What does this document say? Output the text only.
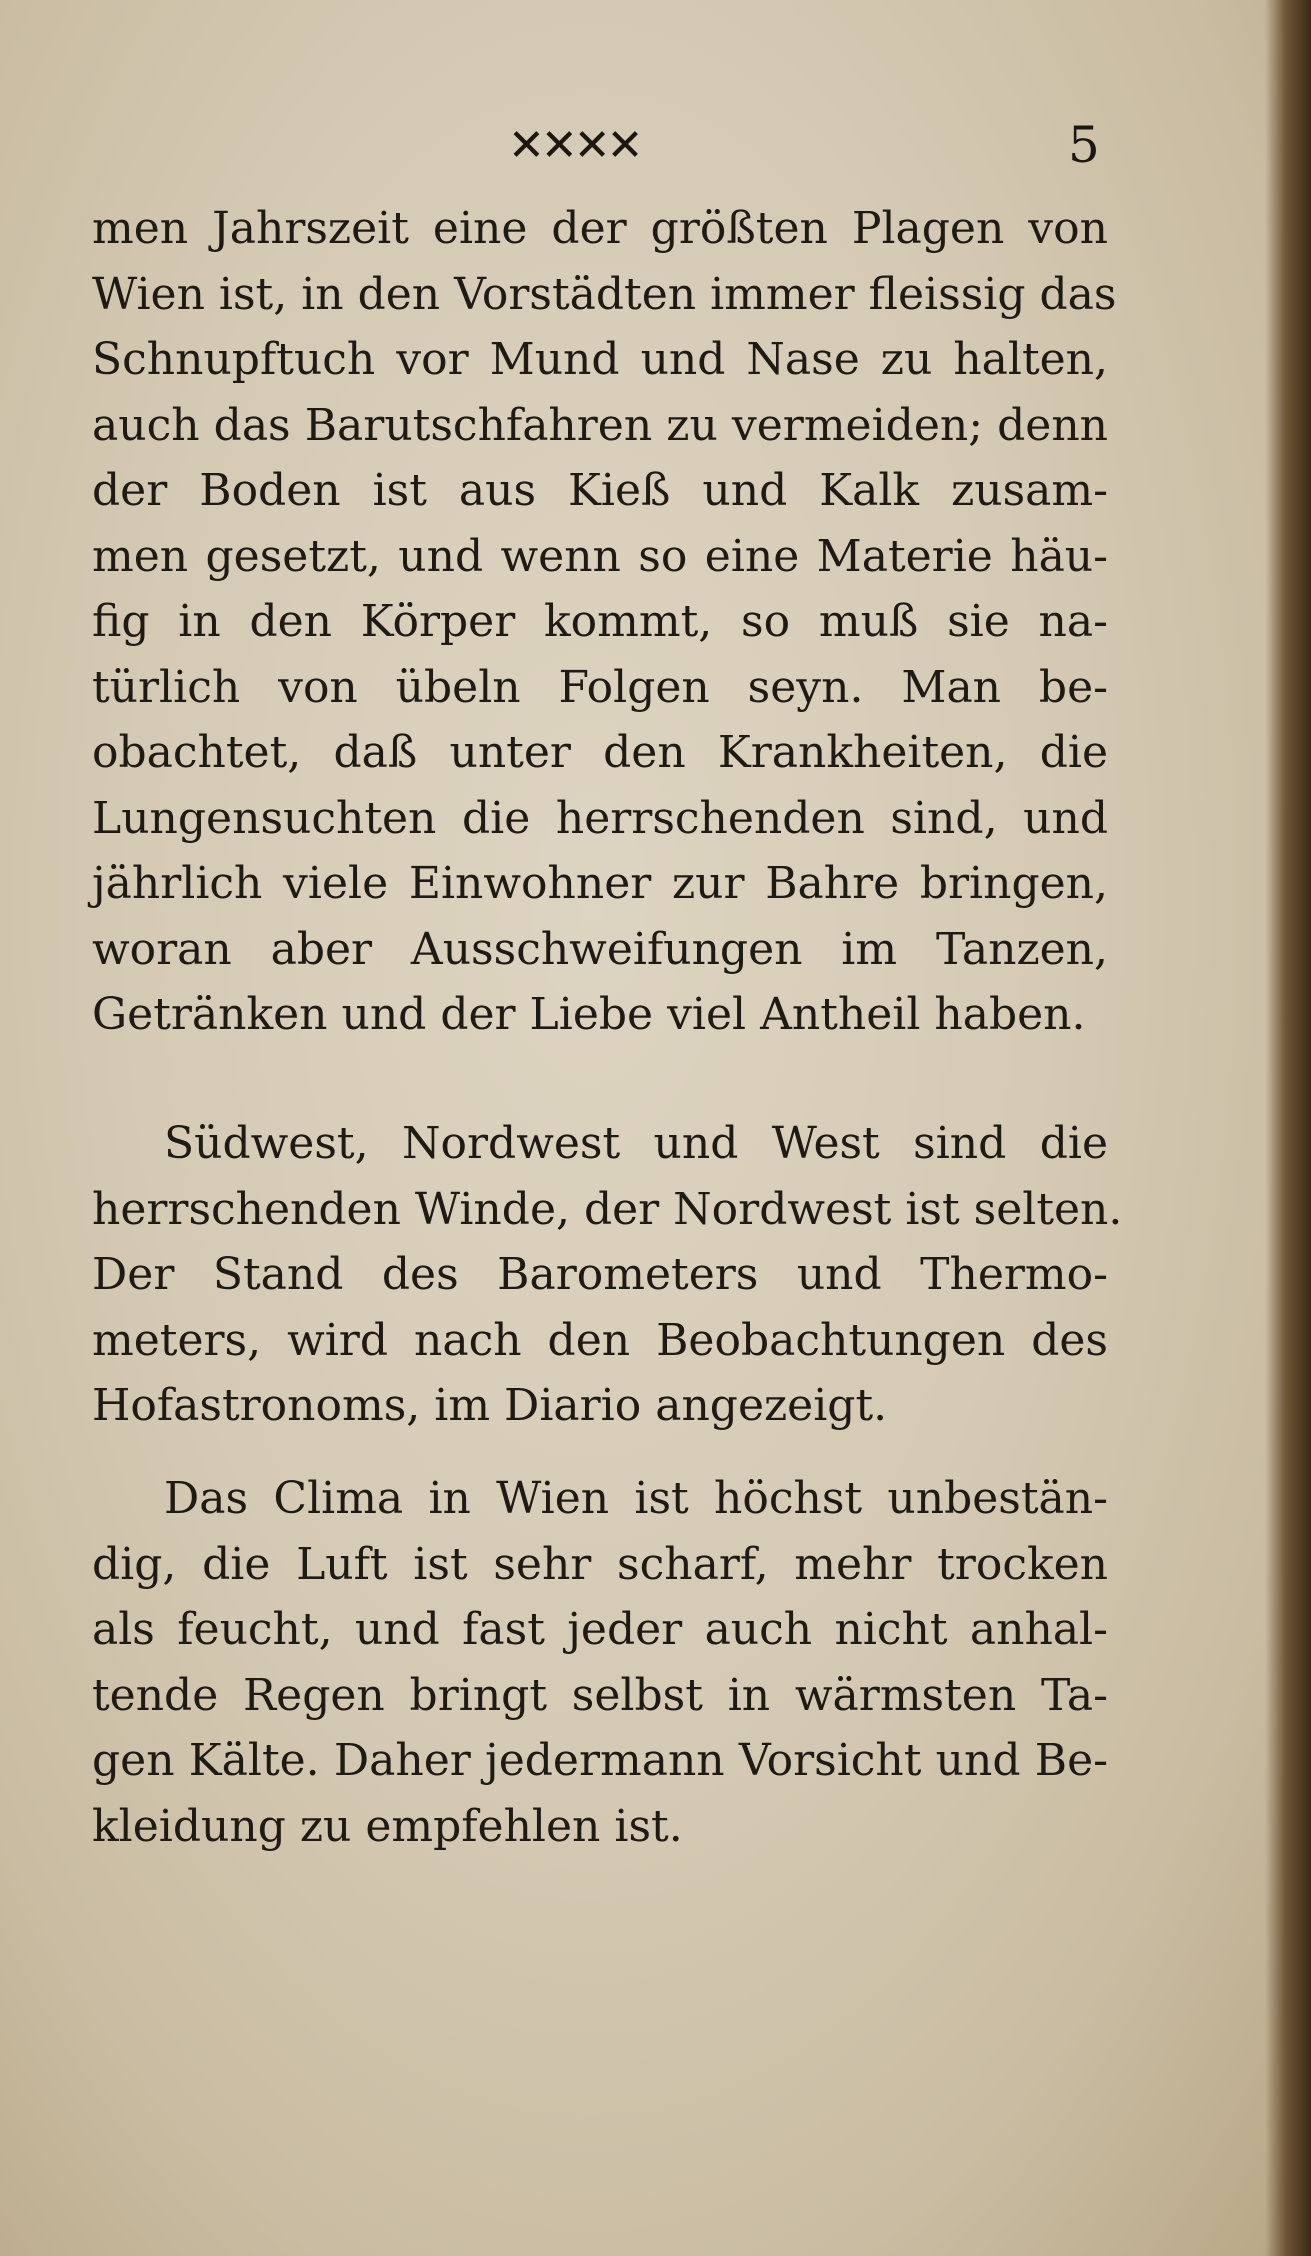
✕✕✕✕	5
men Jahrszeit eine der größten Plagen von
Wien ist, in den Vorstädten immer fleissig das
Schnupftuch vor Mund und Nase zu halten,
auch das Barutschfahren zu vermeiden; denn
der Boden ist aus Kieß und Kalk zusam-
men gesetzt, und wenn so eine Materie häu-
fig in den Körper kommt, so muß sie na-
türlich von übeln Folgen seyn. Man be-
obachtet, daß unter den Krankheiten, die
Lungensuchten die herrschenden sind, und
jährlich viele Einwohner zur Bahre bringen,
woran aber Ausschweifungen im Tanzen,
Getränken und der Liebe viel Antheil haben.
Südwest, Nordwest und West sind die
herrschenden Winde, der Nordwest ist selten.
Der Stand des Barometers und Thermo-
meters, wird nach den Beobachtungen des
Hofastronoms, im Diario angezeigt.
Das Clima in Wien ist höchst unbestän-
dig, die Luft ist sehr scharf, mehr trocken
als feucht, und fast jeder auch nicht anhal-
tende Regen bringt selbst in wärmsten Ta-
gen Kälte. Daher jedermann Vorsicht und Be-
kleidung zu empfehlen ist.
